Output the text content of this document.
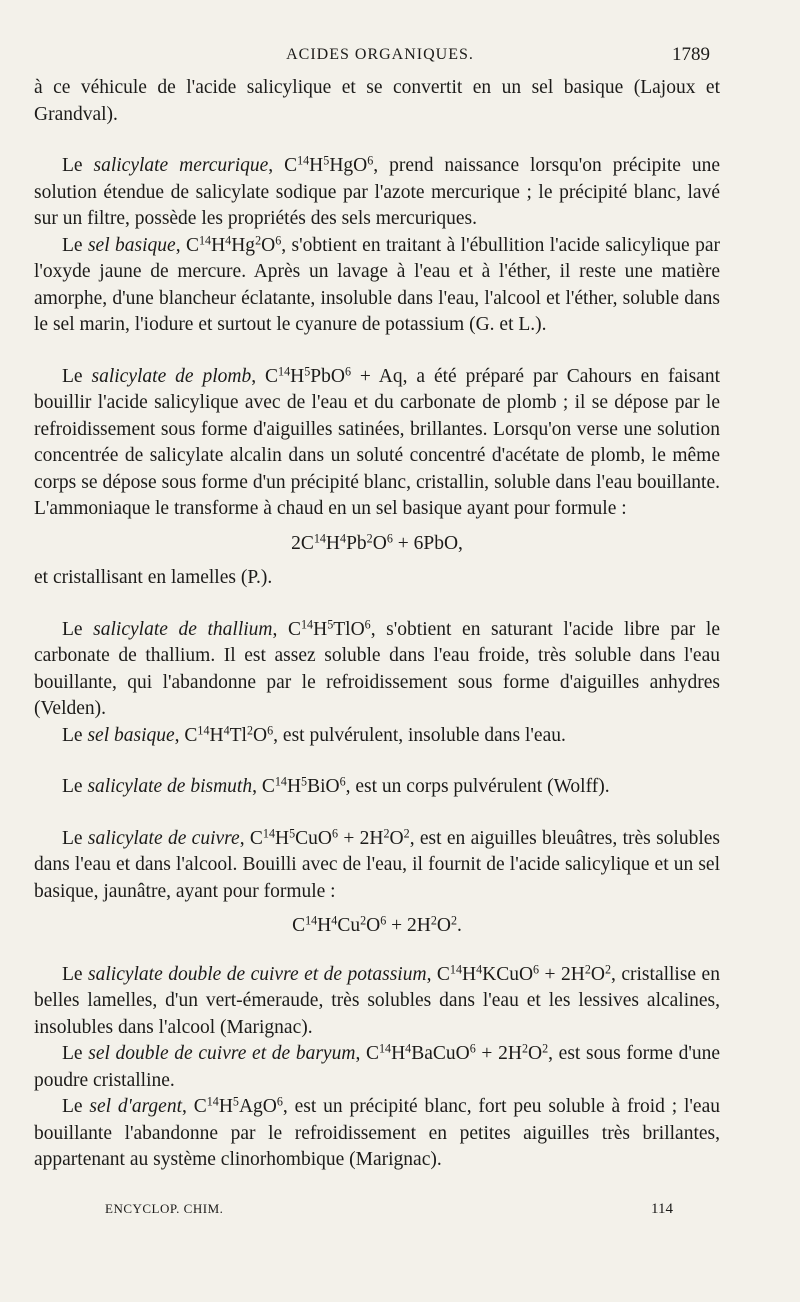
ACIDES ORGANIQUES.	1789

à ce véhicule de l'acide salicylique et se convertit en un sel basique (Lajoux et Grandval).

Le salicylate mercurique, $C^{14}H^5HgO^6$, prend naissance lorsqu'on précipite une solution étendue de salicylate sodique par l'azote mercurique ; le précipité blanc, lavé sur un filtre, possède les propriétés des sels mercuriques.

Le sel basique, $C^{14}H^4Hg^2O^6$, s'obtient en traitant à l'ébullition l'acide salicylique par l'oxyde jaune de mercure. Après un lavage à l'eau et à l'éther, il reste une matière amorphe, d'une blancheur éclatante, insoluble dans l'eau, l'alcool et l'éther, soluble dans le sel marin, l'iodure et surtout le cyanure de potassium (G. et L.).

Le salicylate de plomb, $C^{14}H^5PbO^6 + Aq$, a été préparé par Cahours en faisant bouillir l'acide salicylique avec de l'eau et du carbonate de plomb ; il se dépose par le refroidissement sous forme d'aiguilles satinées, brillantes. Lorsqu'on verse une solution concentrée de salicylate alcalin dans un soluté concentré d'acétate de plomb, le même corps se dépose sous forme d'un précipité blanc, cristallin, soluble dans l'eau bouillante. L'ammoniaque le transforme à chaud en un sel basique ayant pour formule :

$2C^{14}H^4Pb^2O^6 + 6PbO$,

et cristallisant en lamelles (P.).

Le salicylate de thallium, $C^{14}H^5TlO^6$, s'obtient en saturant l'acide libre par le carbonate de thallium. Il est assez soluble dans l'eau froide, très soluble dans l'eau bouillante, qui l'abandonne par le refroidissement sous forme d'aiguilles anhydres (Velden).

Le sel basique, $C^{14}H^4Tl^2O^6$, est pulvérulent, insoluble dans l'eau.

Le salicylate de bismuth, $C^{14}H^5BiO^6$, est un corps pulvérulent (Wolff).

Le salicylate de cuivre, $C^{14}H^5CuO^6 + 2H^2O^2$, est en aiguilles bleuâtres, très solubles dans l'eau et dans l'alcool. Bouilli avec de l'eau, il fournit de l'acide salicylique et un sel basique, jaunâtre, ayant pour formule :

$C^{14}H^4Cu^2O^6 + 2H^2O^2$.

Le salicylate double de cuivre et de potassium, $C^{14}H^4KCuO^6 + 2H^2O^2$, cristallise en belles lamelles, d'un vert-émeraude, très solubles dans l'eau et les lessives alcalines, insolubles dans l'alcool (Marignac).

Le sel double de cuivre et de baryum, $C^{14}H^4BaCuO^6 + 2H^2O^2$, est sous forme d'une poudre cristalline.

Le sel d'argent, $C^{14}H^5AgO^6$, est un précipité blanc, fort peu soluble à froid ; l'eau bouillante l'abandonne par le refroidissement en petites aiguilles très brillantes, appartenant au système clinorhombique (Marignac).

ENCYCLOP. CHIM.	114
